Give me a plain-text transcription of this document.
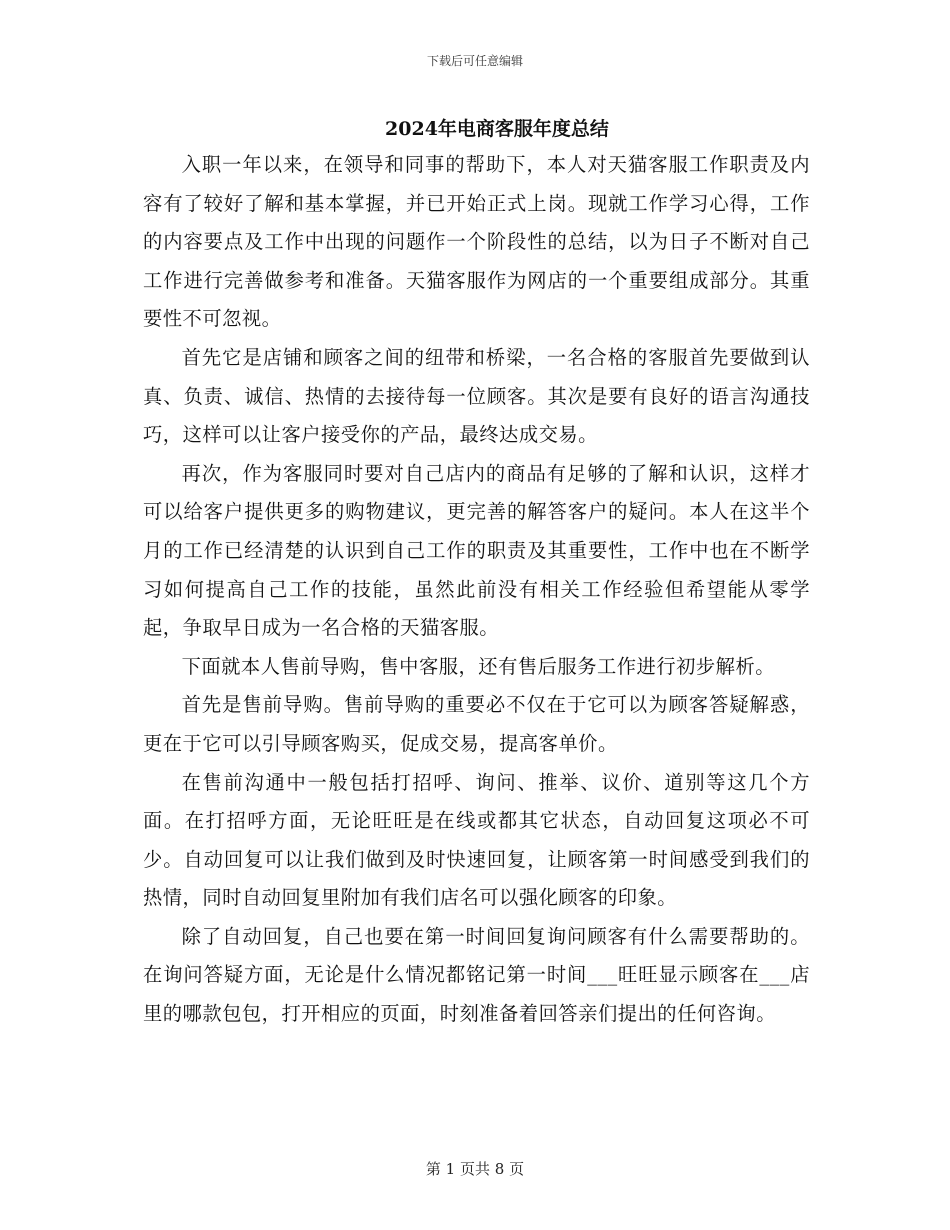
下载后可任意编辑
2024年电商客服年度总结

入职一年以来，在领导和同事的帮助下，本人对天猫客服工作职责及内容有了较好了解和基本掌握，并已开始正式上岗。现就工作学习心得，工作的内容要点及工作中出现的问题作一个阶段性的总结，以为日子不断对自己工作进行完善做参考和准备。天猫客服作为网店的一个重要组成部分。其重要性不可忽视。

首先它是店铺和顾客之间的纽带和桥梁，一名合格的客服首先要做到认真、负责、诚信、热情的去接待每一位顾客。其次是要有良好的语言沟通技巧，这样可以让客户接受你的产品，最终达成交易。

再次，作为客服同时要对自己店内的商品有足够的了解和认识，这样才可以给客户提供更多的购物建议，更完善的解答客户的疑问。本人在这半个月的工作已经清楚的认识到自己工作的职责及其重要性，工作中也在不断学习如何提高自己工作的技能，虽然此前没有相关工作经验但希望能从零学起，争取早日成为一名合格的天猫客服。

下面就本人售前导购，售中客服，还有售后服务工作进行初步解析。

首先是售前导购。售前导购的重要必不仅在于它可以为顾客答疑解惑，更在于它可以引导顾客购买，促成交易，提高客单价。

在售前沟通中一般包括打招呼、询问、推举、议价、道别等这几个方面。在打招呼方面，无论旺旺是在线或都其它状态，自动回复这项必不可少。自动回复可以让我们做到及时快速回复，让顾客第一时间感受到我们的热情，同时自动回复里附加有我们店名可以强化顾客的印象。

除了自动回复，自己也要在第一时间回复询问顾客有什么需要帮助的。在询问答疑方面，无论是什么情况都铭记第一时间___旺旺显示顾客在___店里的哪款包包，打开相应的页面，时刻准备着回答亲们提出的任何咨询。

第 1 页共 8 页
